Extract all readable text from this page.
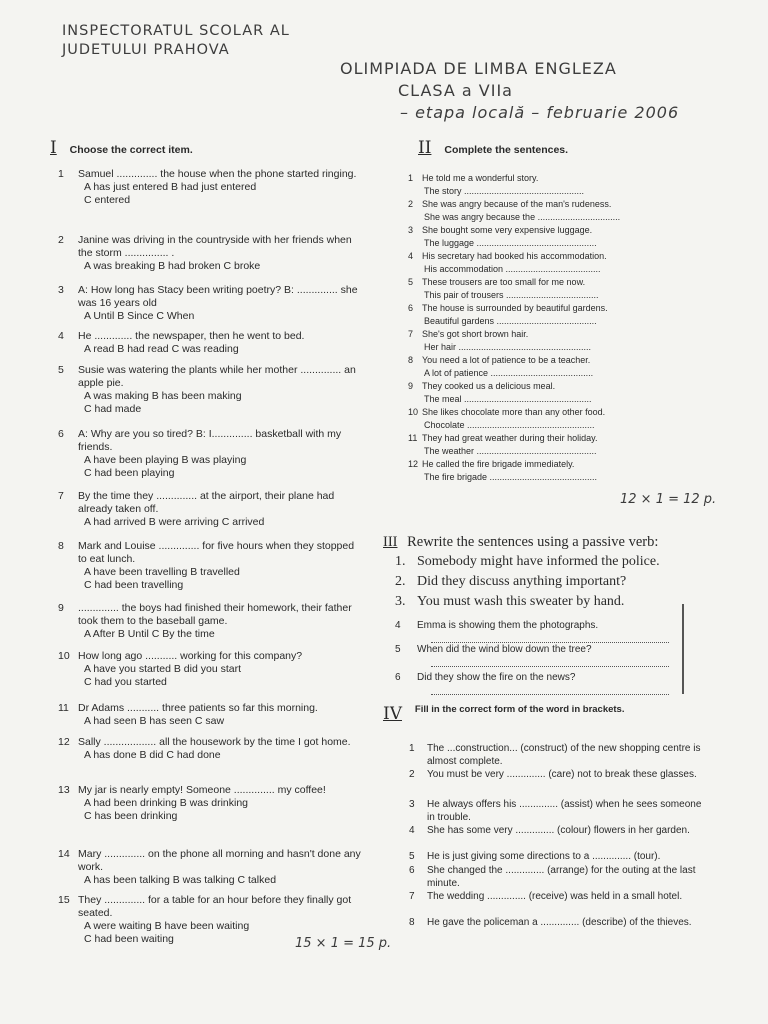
INSPECTORATUL SCOLAR AL
JUDETULUI PRAHOVA
OLIMPIADA DE LIMBA ENGLEZA
CLASA a VIIa
– etapa locală – februarie 2006
I Choose the correct item.
1	Samuel .............. the house when the phone started ringing.
A has just entered B had just entered
C entered
2	Janine was driving in the countryside with her friends when the storm ............... .
A was breaking B had broken C broke
3	A: How long has Stacy been writing poetry? B: .............. she was 16 years old
A Until B Since C When
4	He ............. the newspaper, then he went to bed.
A read B had read C was reading
5	Susie was watering the plants while her mother .............. an apple pie.
A was making B has been making
C had made
6	A: Why are you so tired? B: I.............. basketball with my friends.
A have been playing B was playing
C had been playing
7	By the time they .............. at the airport, their plane had already taken off.
A had arrived B were arriving C arrived
8	Mark and Louise .............. for five hours when they stopped to eat lunch.
A have been travelling B travelled
C had been travelling
9	.............. the boys had finished their homework, their father took them to the baseball game.
A After B Until C By the time
10 How long ago ........... working for this company?
A have you started B did you start
C had you started
11 Dr Adams ........... three patients so far this morning.
A had seen B has seen C saw
12 Sally .................. all the housework by the time I got home.
A has done B did C had done
13 My jar is nearly empty! Someone .............. my coffee!
A had been drinking B was drinking
C has been drinking
14 Mary .............. on the phone all morning and hasn't done any work.
A has been talking B was talking C talked
15 They .............. for a table for an hour before they finally got seated.
A were waiting B have been waiting
C had been waiting	15 × 1 = 15 p.
II Complete the sentences.
1 He told me a wonderful story.
The story ................................................
2 She was angry because of the man's rudeness.
She was angry because the .................................
3 She bought some very expensive luggage.
The luggage ................................................
4 His secretary had booked his accommodation.
His accommodation ......................................
5 These trousers are too small for me now.
This pair of trousers .....................................
6 The house is surrounded by beautiful gardens.
Beautiful gardens ........................................
7 She's got short brown hair.
Her hair .....................................................
8 You need a lot of patience to be a teacher.
A lot of patience .........................................
9 They cooked us a delicious meal.
The meal ...................................................
10 She likes chocolate more than any other food.
Chocolate ...................................................
11 They had great weather during their holiday.
The weather ................................................
12 He called the fire brigade immediately.
The fire brigade ...........................................
12 × 1 = 12 p.
III Rewrite the sentences using a passive verb:
1. Somebody might have informed the police.
2. Did they discuss anything important?
3. You must wash this sweater by hand.
4 Emma is showing them the photographs.
5 When did the wind blow down the tree?
6 Did they show the fire on the news?
IV Fill in the correct form of the word in brackets.
1	The ...construction... (construct) of the new shopping centre is almost complete.
2	You must be very .............. (care) not to break these glasses.
3	He always offers his .............. (assist) when he sees someone in trouble.
4	She has some very .............. (colour) flowers in her garden.
5	He is just giving some directions to a .............. (tour).
6	She changed the .............. (arrange) for the outing at the last minute.
7	The wedding .............. (receive) was held in a small hotel.
8	He gave the policeman a .............. (describe) of the thieves.
